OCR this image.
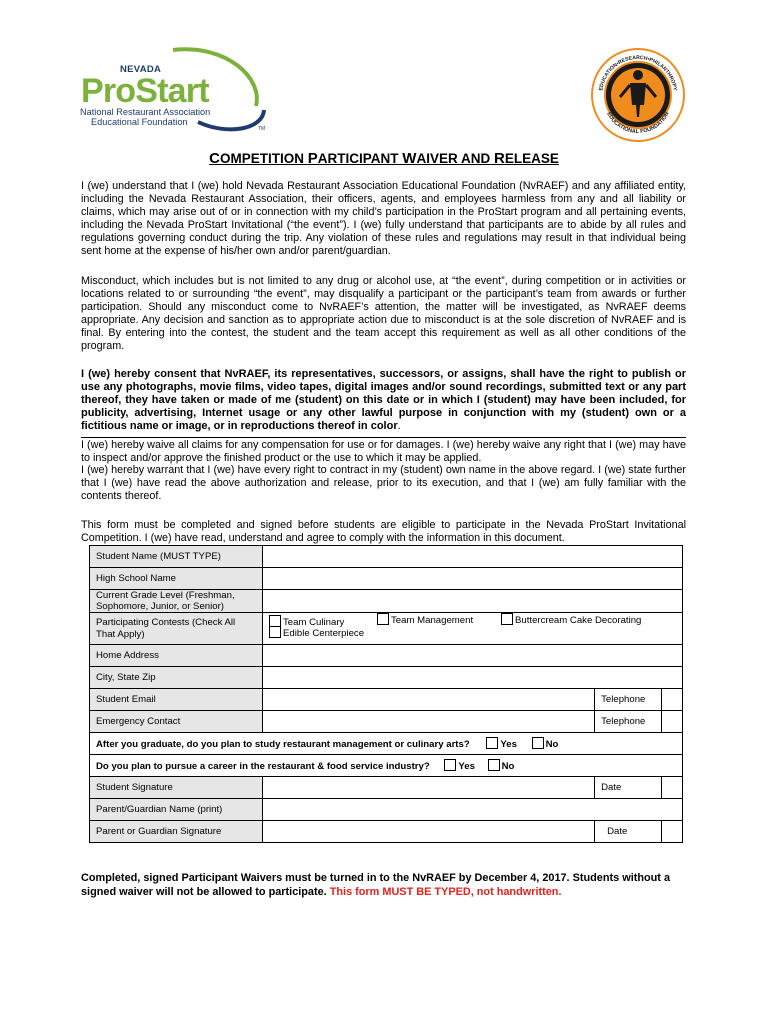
NEVADA
ProStart
National Restaurant Association
Educational Foundation
TM
EDUCATION•RESEARCH•PHILANTHROPY
EDUCATIONAL FOUNDATION
COMPETITION PARTICIPANT WAIVER AND RELEASE

I (we) understand that I (we) hold Nevada Restaurant Association Educational Foundation (NvRAEF) and any affiliated entity, including the Nevada Restaurant Association, their officers, agents, and employees harmless from any and all liability or claims, which may arise out of or in connection with my child’s participation in the ProStart program and all pertaining events, including the Nevada ProStart Invitational (“the event”). I (we) fully understand that participants are to abide by all rules and regulations governing conduct during the trip. Any violation of these rules and regulations may result in that individual being sent home at the expense of his/her own and/or parent/guardian.

Misconduct, which includes but is not limited to any drug or alcohol use, at “the event”, during competition or in activities or locations related to or surrounding “the event”, may disqualify a participant or the participant’s team from awards or further participation. Should any misconduct come to NvRAEF’s attention, the matter will be investigated, as NvRAEF deems appropriate. Any decision and sanction as to appropriate action due to misconduct is at the sole discretion of NvRAEF and is final. By entering into the contest, the student and the team accept this requirement as well as all other conditions of the program.

I (we) hereby consent that NvRAEF, its representatives, successors, or assigns, shall have the right to publish or use any photographs, movie films, video tapes, digital images and/or sound recordings, submitted text or any part thereof, they have taken or made of me (student) on this date or in which I (student) may have been included, for publicity, advertising, Internet usage or any other lawful purpose in conjunction with my (student) own or a fictitious name or image, or in reproductions thereof in color.

I (we) hereby waive all claims for any compensation for use or for damages. I (we) hereby waive any right that I (we) may have to inspect and/or approve the finished product or the use to which it may be applied.

I (we) hereby warrant that I (we) have every right to contract in my (student) own name in the above regard. I (we) state further that I (we) have read the above authorization and release, prior to its execution, and that I (we) am fully familiar with the contents thereof.

This form must be completed and signed before students are eligible to participate in the Nevada ProStart Invitational Competition. I (we) have read, understand and agree to comply with the information in this document.

Student Name (MUST TYPE)			
High School Name			
Current Grade Level (Freshman, Sophomore, Junior, or Senior)			
Participating Contests (Check All That Apply)	Team Culinary Team Management Buttercream Cake Decorating
Edible Centerpiece		

Home Address			
City, State Zip			
Student Email		Telephone	
Emergency Contact		Telephone	
After you graduate, do you plan to study restaurant management or culinary arts? Yes No			
Do you plan to pursue a career in the restaurant & food service industry? Yes No			
Student Signature		Date	
Parent/Guardian Name (print)			
Parent or Guardian Signature		Date	
Completed, signed Participant Waivers must be turned in to the NvRAEF by December 4, 2017. Students without a signed waiver will not be allowed to participate. This form MUST BE TYPED, not handwritten.
